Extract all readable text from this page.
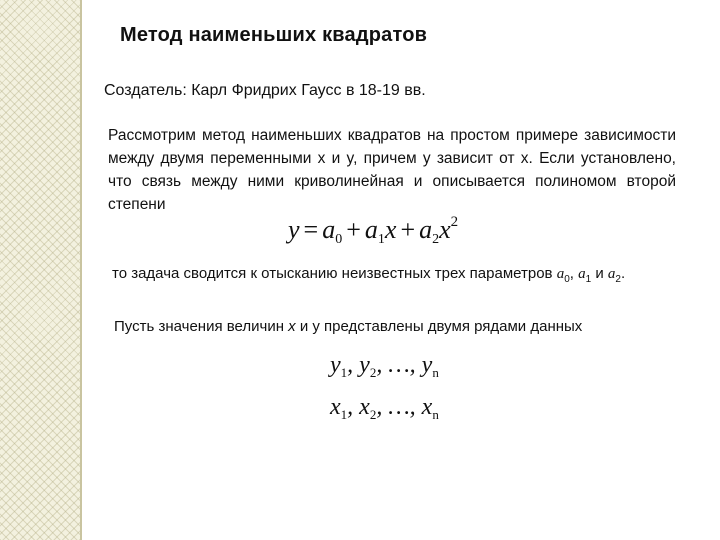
Метод наименьших квадратов
Создатель: Карл Фридрих Гаусс в 18-19 вв.
Рассмотрим метод наименьших квадратов на простом примере зависимости между двумя переменными x и y, причем y зависит от x. Если установлено, что связь между ними криволинейная и описывается полиномом второй степени
$y = a_0 + a_1x + a_2x^2$
то задача сводится к отысканию неизвестных трех параметров $a_0$, $a_1$ и $a_2$.
Пусть значения величин x и y представлены двумя рядами данных
$y_1$, $y_2$, …, $y_n$
$x_1$, $x_2$, …, $x_n$
